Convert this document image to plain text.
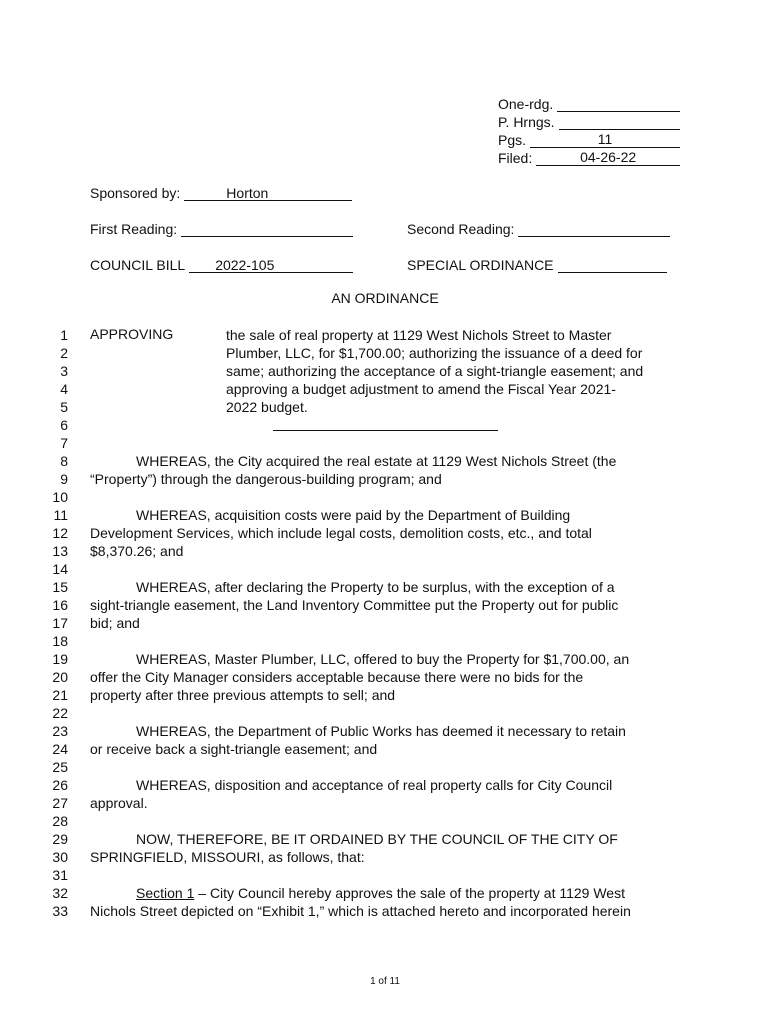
One-rdg.
P. Hrngs.
Pgs.	11
Filed:	04-26-22
Sponsored by:	Horton
First Reading:	Second Reading:
COUNCIL BILL	2022-105	SPECIAL ORDINANCE
AN ORDINANCE
1
2
3
4
5
6
7
8
9
10
11
12
13
14
15
16
17
18
19
20
21
22
23
24
25
26
27
28
29
30
31
32
33
APPROVING	the sale of real property at 1129 West Nichols Street to Master
Plumber, LLC, for $1,700.00; authorizing the issuance of a deed for
same; authorizing the acceptance of a sight-triangle easement; and
approving a budget adjustment to amend the Fiscal Year 2021-
2022 budget.
WHEREAS, the City acquired the real estate at 1129 West Nichols Street (the
“Property”) through the dangerous-building program; and
WHEREAS, acquisition costs were paid by the Department of Building
Development Services, which include legal costs, demolition costs, etc., and total
$8,370.26; and
WHEREAS, after declaring the Property to be surplus, with the exception of a
sight-triangle easement, the Land Inventory Committee put the Property out for public
bid; and
WHEREAS, Master Plumber, LLC, offered to buy the Property for $1,700.00, an
offer the City Manager considers acceptable because there were no bids for the
property after three previous attempts to sell; and
WHEREAS, the Department of Public Works has deemed it necessary to retain
or receive back a sight-triangle easement; and
WHEREAS, disposition and acceptance of real property calls for City Council
approval.
NOW, THEREFORE, BE IT ORDAINED BY THE COUNCIL OF THE CITY OF
SPRINGFIELD, MISSOURI, as follows, that:
Section 1 – City Council hereby approves the sale of the property at 1129 West
Nichols Street depicted on “Exhibit 1,” which is attached hereto and incorporated herein
1 of 11
